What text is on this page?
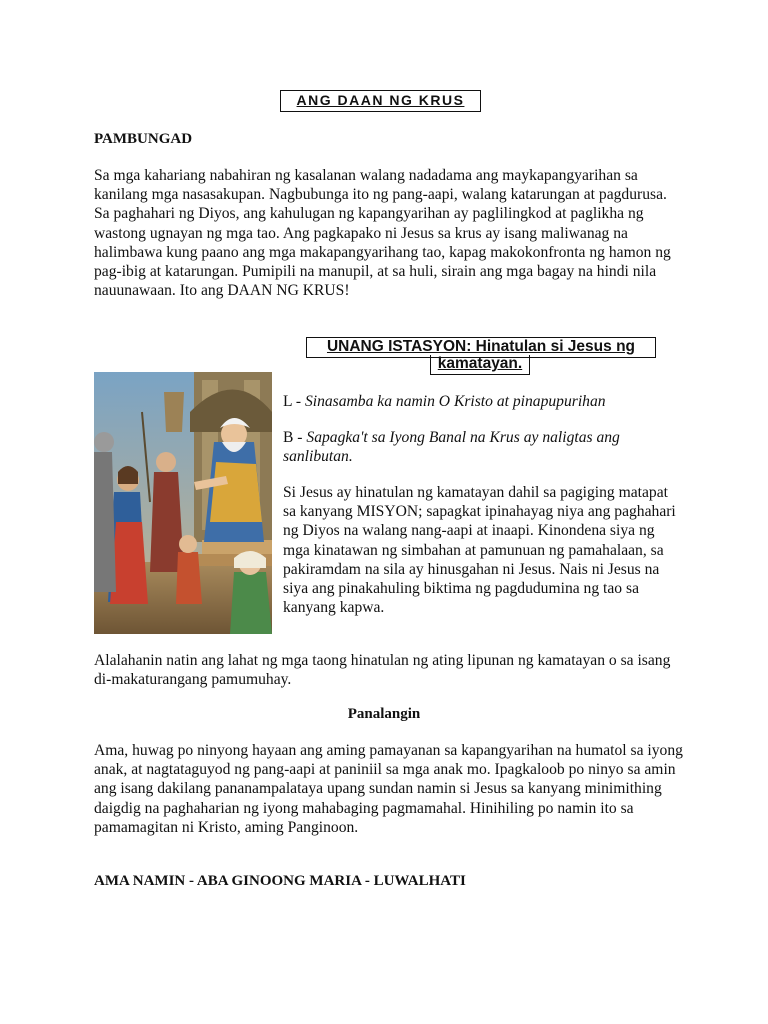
ANG DAAN NG KRUS
PAMBUNGAD

Sa mga kahariang nabahiran ng kasalanan walang nadadama ang maykapangyarihan sa kanilang mga nasasakupan. Nagbubunga ito ng pang-aapi, walang katarungan at pagdurusa. Sa paghahari ng Diyos, ang kahulugan ng kapangyarihan ay paglilingkod at paglikha ng wastong ugnayan ng mga tao. Ang pagkapako ni Jesus sa krus ay isang maliwanag na halimbawa kung paano ang mga makapangyarihang tao, kapag makokonfronta ng hamon ng pag-ibig at katarungan. Pumipili na manupil, at sa huli, sirain ang mga bagay na hindi nila nauunawaan. Ito ang DAAN NG KRUS!

UNANG ISTASYON: Hinatulan si Jesus ng
kamatayan.

L - Sinasamba ka namin O Kristo at pinapupurihan

B - Sapagka't sa Iyong Banal na Krus ay naligtas ang sanlibutan.

Si Jesus ay hinatulan ng kamatayan dahil sa pagiging matapat sa kanyang MISYON; sapagkat ipinahayag niya ang paghahari ng Diyos na walang nang-aapi at inaapi. Kinondena siya ng mga kinatawan ng simbahan at pamunuan ng pamahalaan, sa pakiramdam na sila ay hinusgahan ni Jesus. Nais ni Jesus na siya ang pinakahuling biktima ng pagdudumina ng tao sa kanyang kapwa.

Alalahanin natin ang lahat ng mga taong hinatulan ng ating lipunan ng kamatayan o sa isang di-makaturangang pamumuhay.

Panalangin

Ama, huwag po ninyong hayaan ang aming pamayanan sa kapangyarihan na humatol sa iyong anak, at nagtataguyod ng pang-aapi at paniniil sa mga anak mo. Ipagkaloob po ninyo sa amin ang isang dakilang pananampalataya upang sundan namin si Jesus sa kanyang minimithing daigdig na paghaharian ng iyong mahabaging pagmamahal. Hinihiling po namin ito sa pamamagitan ni Kristo, aming Panginoon.

AMA NAMIN - ABA GINOONG MARIA - LUWALHATI
